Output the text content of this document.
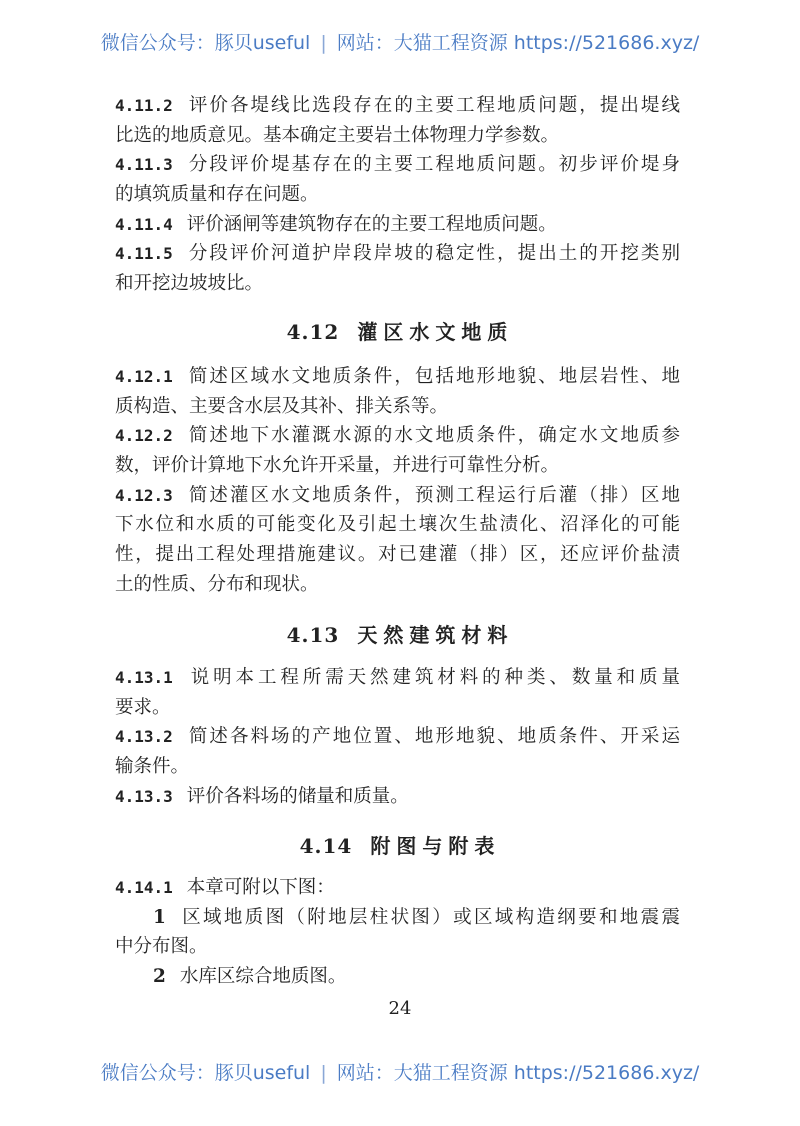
微信公众号：豚贝useful | 网站：大猫工程资源 https://521686.xyz/
4.11.2 评价各堤线比选段存在的主要工程地质问题，提出堤线
比选的地质意见。基本确定主要岩土体物理力学参数。
4.11.3 分段评价堤基存在的主要工程地质问题。初步评价堤身
的填筑质量和存在问题。
4.11.4 评价涵闸等建筑物存在的主要工程地质问题。
4.11.5 分段评价河道护岸段岸坡的稳定性，提出土的开挖类别
和开挖边坡坡比。
4.12 灌区水文地质
4.12.1 简述区域水文地质条件，包括地形地貌、地层岩性、地
质构造、主要含水层及其补、排关系等。
4.12.2 简述地下水灌溉水源的水文地质条件，确定水文地质参
数，评价计算地下水允许开采量，并进行可靠性分析。
4.12.3 简述灌区水文地质条件，预测工程运行后灌（排）区地
下水位和水质的可能变化及引起土壤次生盐渍化、沼泽化的可能
性，提出工程处理措施建议。对已建灌（排）区，还应评价盐渍
土的性质、分布和现状。
4.13 天然建筑材料
4.13.1 说明本工程所需天然建筑材料的种类、数量和质量
要求。
4.13.2 简述各料场的产地位置、地形地貌、地质条件、开采运
输条件。
4.13.3 评价各料场的储量和质量。
4.14 附图与附表
4.14.1 本章可附以下图：
1 区域地质图（附地层柱状图）或区域构造纲要和地震震
中分布图。
2 水库区综合地质图。
24
微信公众号：豚贝useful | 网站：大猫工程资源 https://521686.xyz/
